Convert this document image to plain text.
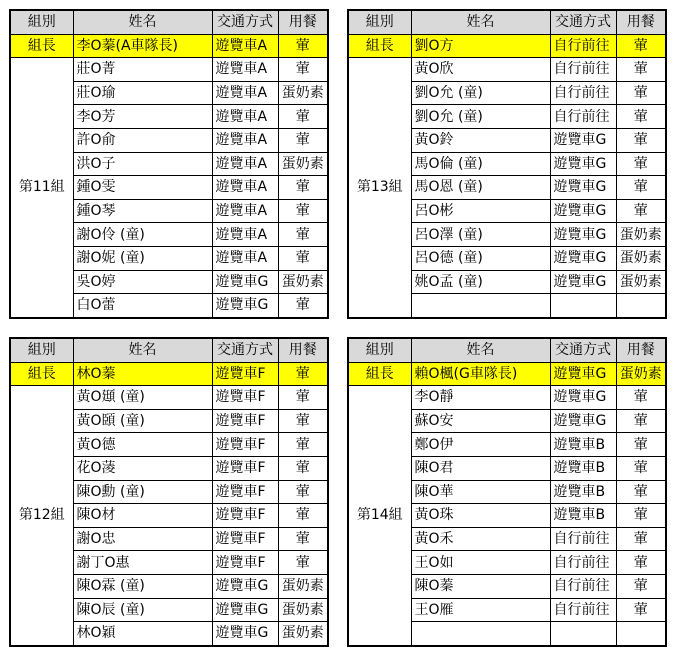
組別	姓名	交通方式	用餐
組長	李O蓁(A車隊長)	遊覽車A	葷
第11組	莊O菁	遊覽車A	葷
	莊O瑜	遊覽車A	蛋奶素
	李O芳	遊覽車A	葷
	許O俞	遊覽車A	葷
	洪O子	遊覽車A	蛋奶素
	鍾O雯	遊覽車A	葷
	鍾O琴	遊覽車A	葷
	謝O伶 (童)	遊覽車A	葷
	謝O妮 (童)	遊覽車A	葷
	吳O婷	遊覽車G	蛋奶素
	白O蕾	遊覽車G	葷
組別	姓名	交通方式	用餐
組長	劉O方	自行前往	葷
第13組	黃O欣	自行前往	葷
	劉O允 (童)	自行前往	葷
	劉O允 (童)	自行前往	葷
	黃O鈴	遊覽車G	葷
	馬O倫 (童)	遊覽車G	葷
	馬O恩 (童)	遊覽車G	葷
	呂O彬	遊覽車G	葷
	呂O澤 (童)	遊覽車G	蛋奶素
	呂O德 (童)	遊覽車G	蛋奶素
	姚O孟 (童)	遊覽車G	蛋奶素

組別	姓名	交通方式	用餐
組長	林O蓁	遊覽車F	葷
第12組	黃O頲 (童)	遊覽車F	葷
	黃O頣 (童)	遊覽車F	葷
	黃O德	遊覽車F	葷
	花O蓤	遊覽車F	葷
	陳O勳 (童)	遊覽車F	葷
	陳O材	遊覽車F	葷
	謝O忠	遊覽車F	葷
	謝丁O惠	遊覽車F	葷
	陳O霖 (童)	遊覽車G	蛋奶素
	陳O辰 (童)	遊覽車G	蛋奶素
	林O穎	遊覽車G	蛋奶素
組別	姓名	交通方式	用餐
組長	賴O楓(G車隊長)	遊覽車G	蛋奶素
第14組	李O靜	遊覽車G	葷
	蘇O安	遊覽車G	葷
	鄭O伊	遊覽車B	葷
	陳O君	遊覽車B	葷
	陳O華	遊覽車B	葷
	黃O珠	遊覽車B	葷
	黃O禾	自行前往	葷
	王O如	自行前往	葷
	陳O蓁	自行前往	葷
	王O雁	自行前往	葷
